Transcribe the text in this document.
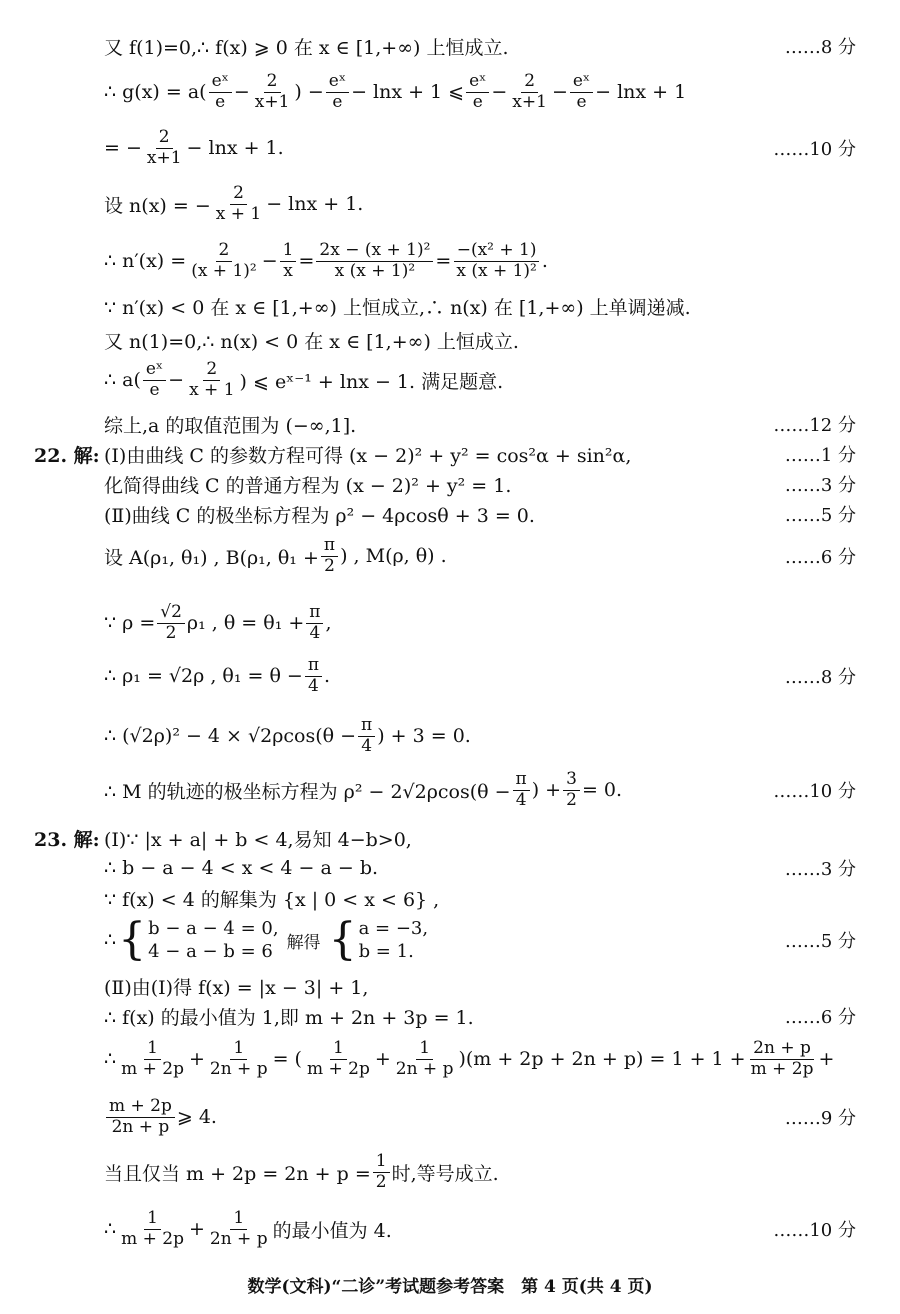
又 f(1)=0,∴ f(x) ⩾ 0 在 x ∈ [1,+∞) 上恒成立.	……8 分
∴ $g(x) = a( \frac{\text{eˣ}}{e} - \frac{2}{x+1}$ ) − $\frac{\text{eˣ}}{e} - \ln x + 1$ ⩽ $\frac{\text{eˣ}}{e} - \frac{2}{x+1} - \frac{\text{eˣ}}{e} - \ln x + 1$
= − $\frac{2}{x+1} - \ln x + 1$.	……10 分
设 n(x) = − $\frac{2}{x + 1} - \ln x + 1$.
∴ $n'(x) = \frac{2}{\text{(x + 1)²}} - \frac{1}{x} = \frac{\text{2x − (x + 1)²}}{\text{x (x + 1)²}} = \frac{\text{−(x² + 1)}}{\text{x (x + 1)²}}$ .
∵ n′(x) < 0 在 x ∈ [1,+∞) 上恒成立,∴ n(x) 在 [1,+∞) 上单调递减.
又 n(1)=0,∴ n(x) < 0 在 x ∈ [1,+∞) 上恒成立.
∴ $a( \frac{\text{eˣ}}{e} - \frac{2}{x + 1}$ ) ⩽ eˣ⁻¹ + lnx − 1. 满足题意.
综上,a 的取值范围为 (−∞,1].	……12 分
22. 解: (Ⅰ)由曲线 C 的参数方程可得 (x − 2)² + y² = cos²α + sin²α,	……1 分
化简得曲线 C 的普通方程为 (x − 2)² + y² = 1.	……3 分
(Ⅱ)曲线 C 的极坐标方程为 ρ² − 4ρcosθ + 3 = 0.	……5 分
设 A(ρ₁, θ₁) , B(ρ₁, $\theta_1 + \frac{\pi}{2}$ ) , M(ρ, θ) .	……6 分
∵ $\rho = \frac{√2}{2} \rho_1$ , $\theta = \theta_1 + \frac{\pi}{4}$ ,
∴ ρ₁ = √2ρ , $\theta_1 = \theta - \frac{\pi}{4}$ .	……8 分
∴ $(√2\rho)^2 - 4 \times √2\rho\cos(\theta - \frac{\pi}{4}$ ) + 3 = 0.
∴ M 的轨迹的极坐标方程为 $\rho^2 - 2√2\rho\cos(\theta - \frac{\pi}{4}$ ) + $\frac{3}{2} = 0$.	……10 分
23. 解: (Ⅰ)∵ |x + a| + b < 4,易知 4−b>0,
∴ b − a − 4 < x < 4 − a − b.	……3 分
∵ f(x) < 4 的解集为 {x | 0 < x < 6} ,
∴ { b − a − 4 = 0,
4 − a − b = 6 解得 { a = −3,
b = 1.	……5 分
(Ⅱ)由(Ⅰ)得 f(x) = |x − 3| + 1,
∴ f(x) 的最小值为 1,即 m + 2n + 3p = 1.	……6 分
∴ $\frac{1}{m + 2p} + \frac{1}{2n + p}$ = ( $\frac{1}{m + 2p} + \frac{1}{2n + p} )(m + 2p + 2n + p) = 1 + 1 + \frac{2n + p}{m + 2p}$ +
$\frac{m + 2p}{2n + p}$ ⩾ 4.	……9 分
当且仅当 $m + 2p = 2n + p = \frac{1}{2}$ 时,等号成立.
∴ $\frac{1}{m + 2p} + \frac{1}{2n + p}$ 的最小值为 4.	……10 分
数学(文科)“二诊”考试题参考答案　第 4 页(共 4 页)
